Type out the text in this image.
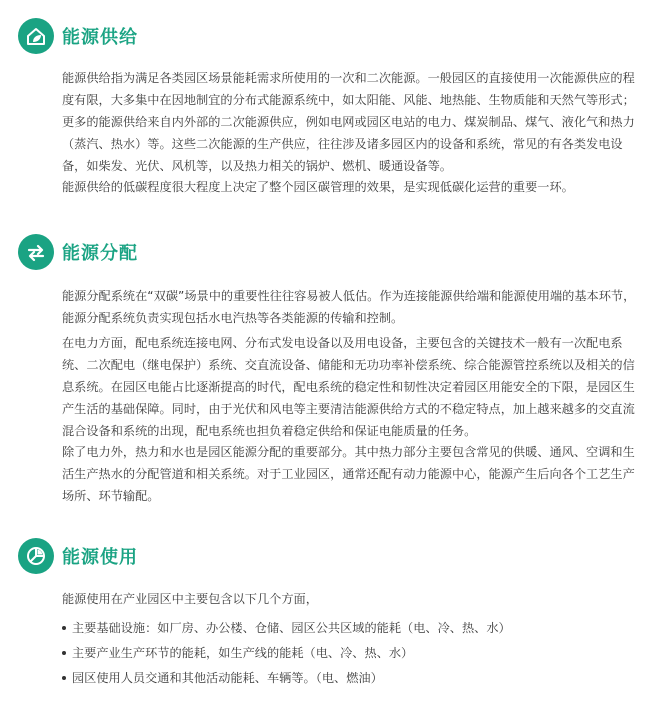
能源供给

能源供给指为满足各类园区场景能耗需求所使用的一次和二次能源。一般园区的直接使用一次能源供应的程度有限，大多集中在因地制宜的分布式能源系统中，如太阳能、风能、地热能、生物质能和天然气等形式；更多的能源供给来自内外部的二次能源供应，例如电网或园区电站的电力、煤炭制品、煤气、液化气和热力（蒸汽、热水）等。这些二次能源的生产供应，往往涉及诸多园区内的设备和系统，常见的有各类发电设备，如柴发、光伏、风机等，以及热力相关的锅炉、燃机、暖通设备等。

能源供给的低碳程度很大程度上决定了整个园区碳管理的效果，是实现低碳化运营的重要一环。

能源分配

能源分配系统在“双碳”场景中的重要性往往容易被人低估。作为连接能源供给端和能源使用端的基本环节，能源分配系统负责实现包括水电汽热等各类能源的传输和控制。

在电力方面，配电系统连接电网、分布式发电设备以及用电设备，主要包含的关键技术一般有一次配电系统、二次配电（继电保护）系统、交直流设备、储能和无功功率补偿系统、综合能源管控系统以及相关的信息系统。在园区电能占比逐渐提高的时代，配电系统的稳定性和韧性决定着园区用能安全的下限，是园区生产生活的基础保障。同时，由于光伏和风电等主要清洁能源供给方式的不稳定特点，加上越来越多的交直流混合设备和系统的出现，配电系统也担负着稳定供给和保证电能质量的任务。

除了电力外，热力和水也是园区能源分配的重要部分。其中热力部分主要包含常见的供暖、通风、空调和生活生产热水的分配管道和相关系统。对于工业园区，通常还配有动力能源中心，能源产生后向各个工艺生产场所、环节输配。

能源使用

能源使用在产业园区中主要包含以下几个方面，

主要基础设施：如厂房、办公楼、仓储、园区公共区域的能耗（电、冷、热、水）
主要产业生产环节的能耗，如生产线的能耗（电、冷、热、水）
园区使用人员交通和其他活动能耗、车辆等。（电、燃油）
